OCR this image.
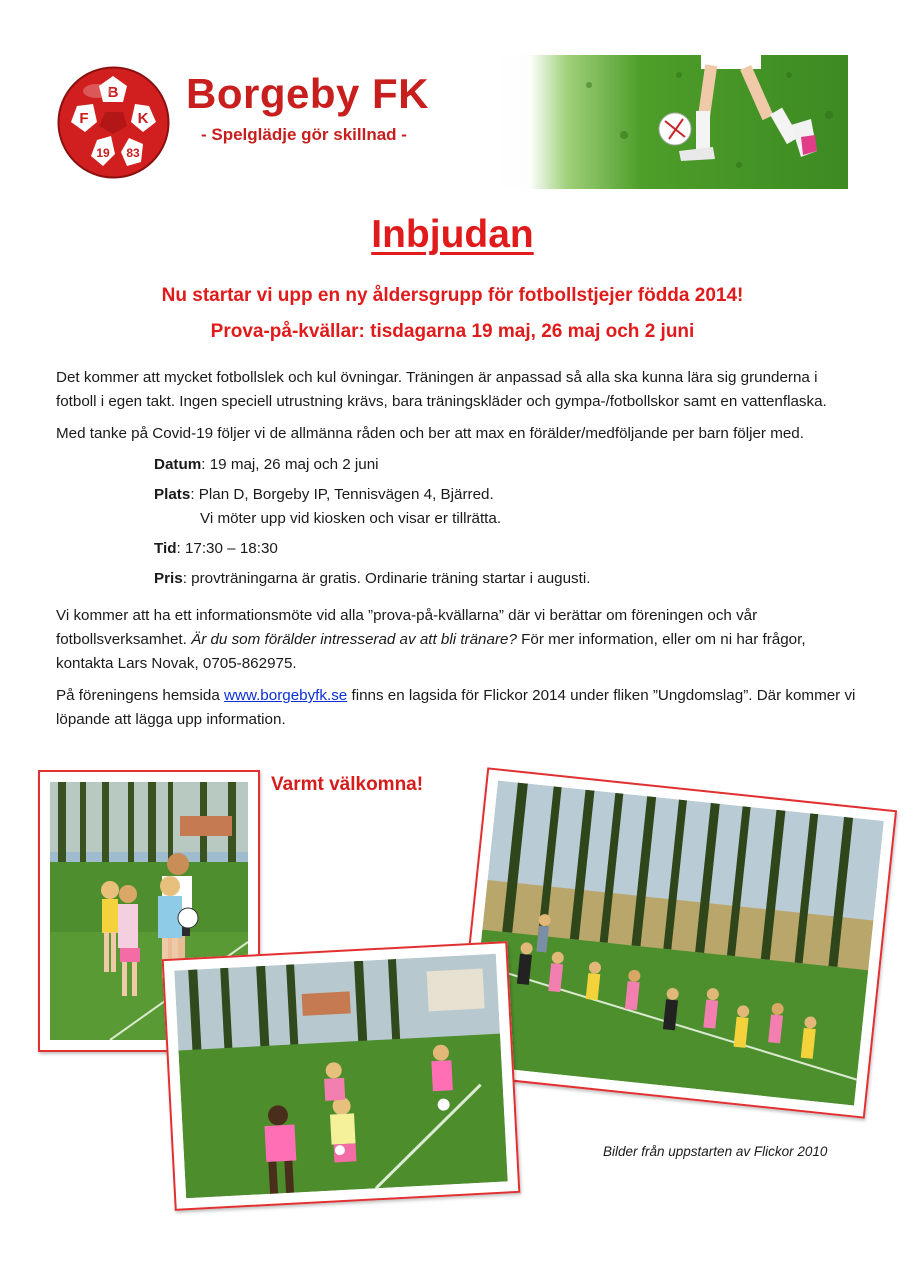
B
F	K
19 83
Borgeby FK
- Spelglädje gör skillnad -
Inbjudan
Nu startar vi upp en ny åldersgrupp för fotbollstjejer födda 2014!
Prova-på-kvällar: tisdagarna 19 maj, 26 maj och 2 juni
Det kommer att mycket fotbollslek och kul övningar. Träningen är anpassad så alla ska kunna lära sig grunderna i fotboll i egen takt. Ingen speciell utrustning krävs, bara träningskläder och gympa-/fotbollskor samt en vattenflaska.
Med tanke på Covid-19 följer vi de allmänna råden och ber att max en förälder/medföljande per barn följer med.
Datum: 19 maj, 26 maj och 2 juni
Plats: Plan D, Borgeby IP, Tennisvägen 4, Bjärred.
Vi möter upp vid kiosken och visar er tillrätta.
Tid: 17:30 – 18:30
Pris: provträningarna är gratis. Ordinarie träning startar i augusti.
Vi kommer att ha ett informationsmöte vid alla ”prova-på-kvällarna” där vi berättar om föreningen och vår fotbollsverksamhet. Är du som förälder intresserad av att bli tränare? För mer information, eller om ni har frågor, kontakta Lars Novak, 0705-862975.
På föreningens hemsida www.borgebyfk.se finns en lagsida för Flickor 2014 under fliken ”Ungdomslag”. Där kommer vi löpande att lägga upp information.
Varmt välkomna!
Bilder från uppstarten av Flickor 2010
